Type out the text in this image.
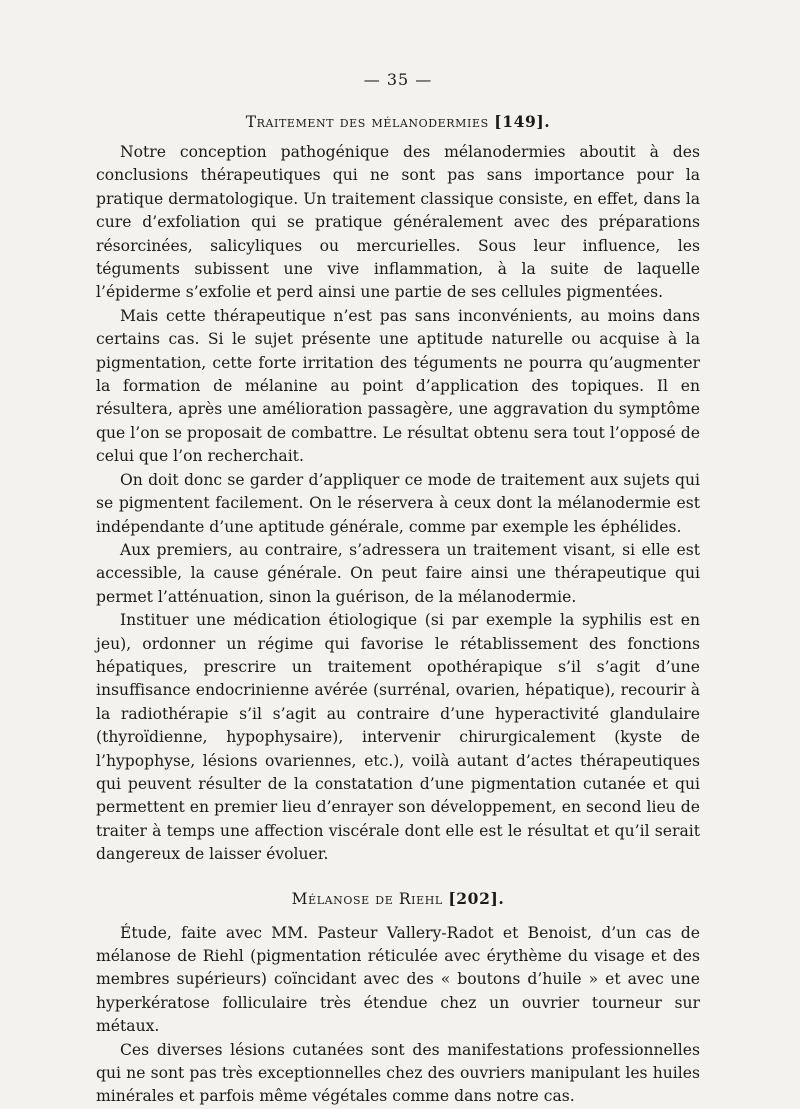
— 35 —
Traitement des mélanodermies [149].

Notre conception pathogénique des mélanodermies aboutit à des conclusions thérapeutiques qui ne sont pas sans importance pour la pratique dermatologique. Un traitement classique consiste, en effet, dans la cure d’exfoliation qui se pratique généralement avec des préparations résorcinées, salicyliques ou mercurielles. Sous leur influence, les téguments subissent une vive inflammation, à la suite de laquelle l’épiderme s’exfolie et perd ainsi une partie de ses cellules pigmentées.

Mais cette thérapeutique n’est pas sans inconvénients, au moins dans certains cas. Si le sujet présente une aptitude naturelle ou acquise à la pigmentation, cette forte irritation des téguments ne pourra qu’augmenter la formation de mélanine au point d’application des topiques. Il en résultera, après une amélioration passagère, une aggravation du symptôme que l’on se proposait de combattre. Le résultat obtenu sera tout l’opposé de celui que l’on recherchait.

On doit donc se garder d’appliquer ce mode de traitement aux sujets qui se pigmentent facilement. On le réservera à ceux dont la mélanodermie est indépendante d’une aptitude générale, comme par exemple les éphélides.

Aux premiers, au contraire, s’adressera un traitement visant, si elle est accessible, la cause générale. On peut faire ainsi une thérapeutique qui permet l’atténuation, sinon la guérison, de la mélanodermie.

Instituer une médication étiologique (si par exemple la syphilis est en jeu), ordonner un régime qui favorise le rétablissement des fonctions hépatiques, prescrire un traitement opothérapique s’il s’agit d’une insuffisance endocrinienne avérée (surrénal, ovarien, hépatique), recourir à la radiothérapie s’il s’agit au contraire d’une hyperactivité glandulaire (thyroïdienne, hypophysaire), intervenir chirurgicalement (kyste de l’hypophyse, lésions ovariennes, etc.), voilà autant d’actes thérapeutiques qui peuvent résulter de la constatation d’une pigmentation cutanée et qui permettent en premier lieu d’enrayer son développement, en second lieu de traiter à temps une affection viscérale dont elle est le résultat et qu’il serait dangereux de laisser évoluer.

Mélanose de Riehl [202].

Étude, faite avec MM. Pasteur Vallery-Radot et Benoist, d’un cas de mélanose de Riehl (pigmentation réticulée avec érythème du visage et des membres supérieurs) coïncidant avec des « boutons d’huile » et avec une hyperkératose folliculaire très étendue chez un ouvrier tourneur sur métaux.

Ces diverses lésions cutanées sont des manifestations professionnelles qui ne sont pas très exceptionnelles chez des ouvriers manipulant les huiles minérales et parfois même végétales comme dans notre cas.
